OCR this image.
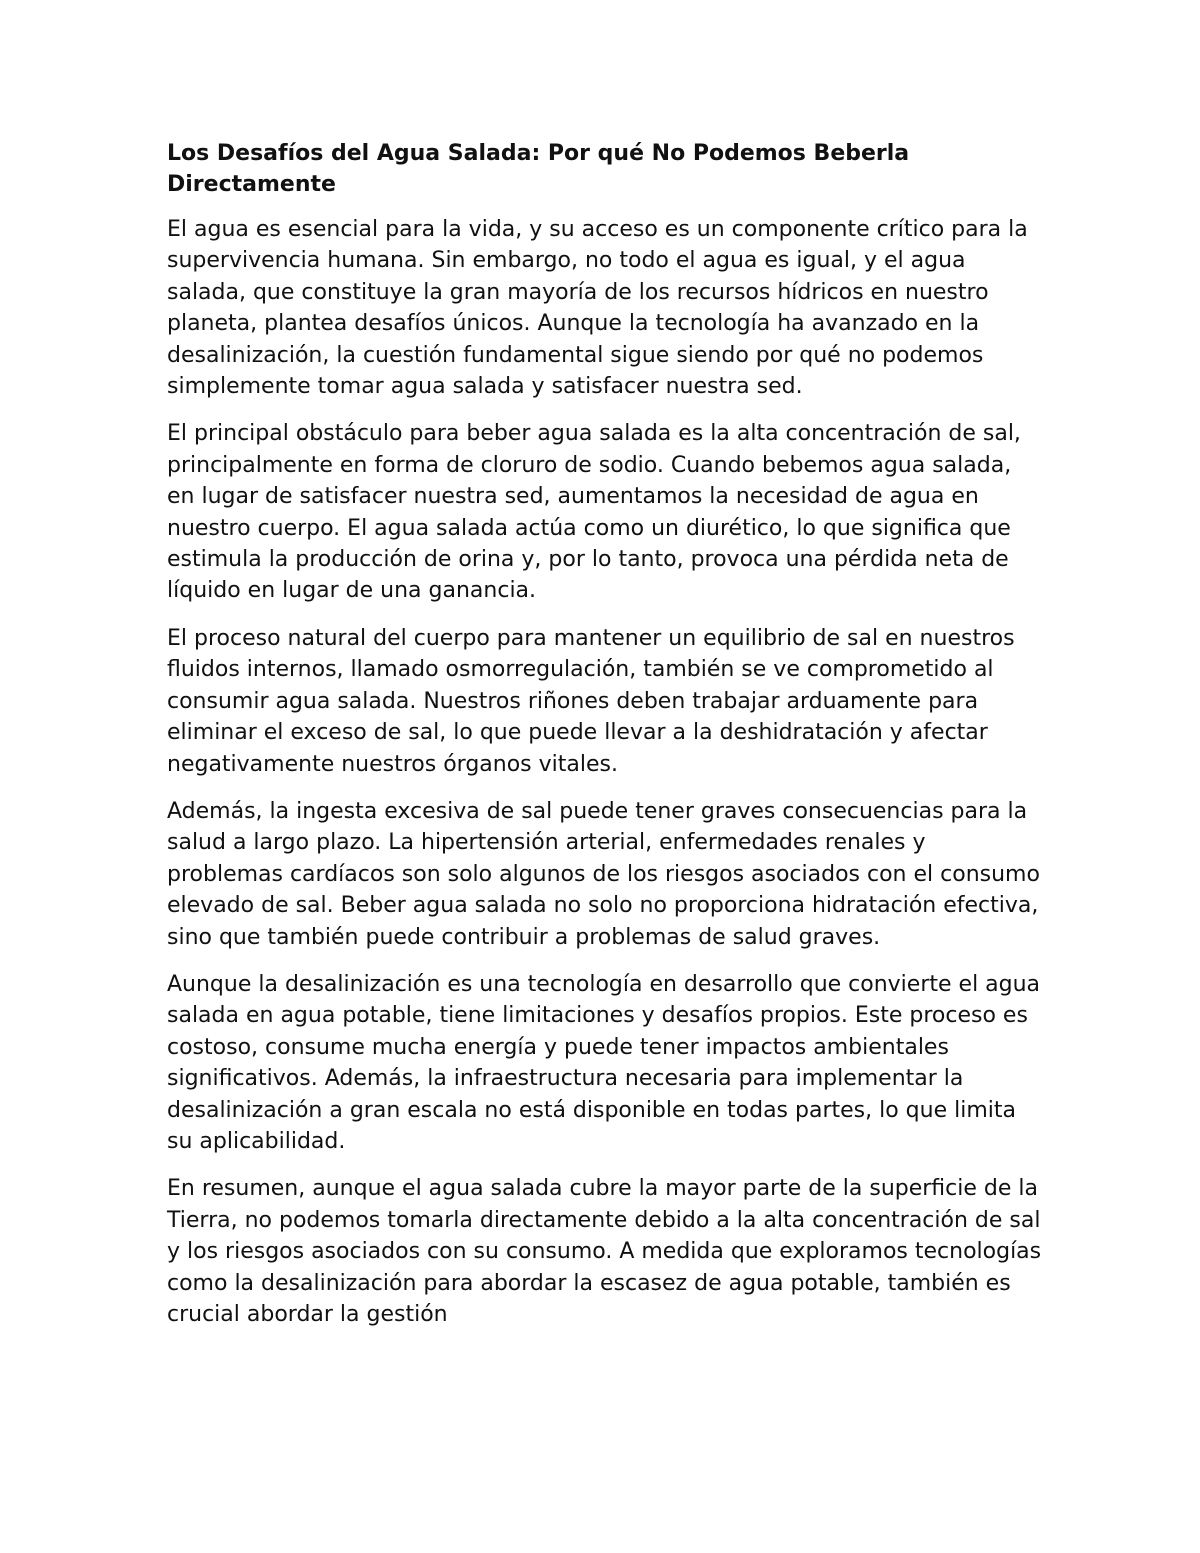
Los Desafíos del Agua Salada: Por qué No Podemos Beberla Directamente

El agua es esencial para la vida, y su acceso es un componente crítico para la supervivencia humana. Sin embargo, no todo el agua es igual, y el agua salada, que constituye la gran mayoría de los recursos hídricos en nuestro planeta, plantea desafíos únicos. Aunque la tecnología ha avanzado en la desalinización, la cuestión fundamental sigue siendo por qué no podemos simplemente tomar agua salada y satisfacer nuestra sed.

El principal obstáculo para beber agua salada es la alta concentración de sal, principalmente en forma de cloruro de sodio. Cuando bebemos agua salada, en lugar de satisfacer nuestra sed, aumentamos la necesidad de agua en nuestro cuerpo. El agua salada actúa como un diurético, lo que significa que estimula la producción de orina y, por lo tanto, provoca una pérdida neta de líquido en lugar de una ganancia.

El proceso natural del cuerpo para mantener un equilibrio de sal en nuestros fluidos internos, llamado osmorregulación, también se ve comprometido al consumir agua salada. Nuestros riñones deben trabajar arduamente para eliminar el exceso de sal, lo que puede llevar a la deshidratación y afectar negativamente nuestros órganos vitales.

Además, la ingesta excesiva de sal puede tener graves consecuencias para la salud a largo plazo. La hipertensión arterial, enfermedades renales y problemas cardíacos son solo algunos de los riesgos asociados con el consumo elevado de sal. Beber agua salada no solo no proporciona hidratación efectiva, sino que también puede contribuir a problemas de salud graves.

Aunque la desalinización es una tecnología en desarrollo que convierte el agua salada en agua potable, tiene limitaciones y desafíos propios. Este proceso es costoso, consume mucha energía y puede tener impactos ambientales significativos. Además, la infraestructura necesaria para implementar la desalinización a gran escala no está disponible en todas partes, lo que limita su aplicabilidad.

En resumen, aunque el agua salada cubre la mayor parte de la superficie de la Tierra, no podemos tomarla directamente debido a la alta concentración de sal y los riesgos asociados con su consumo. A medida que exploramos tecnologías como la desalinización para abordar la escasez de agua potable, también es crucial abordar la gestión
